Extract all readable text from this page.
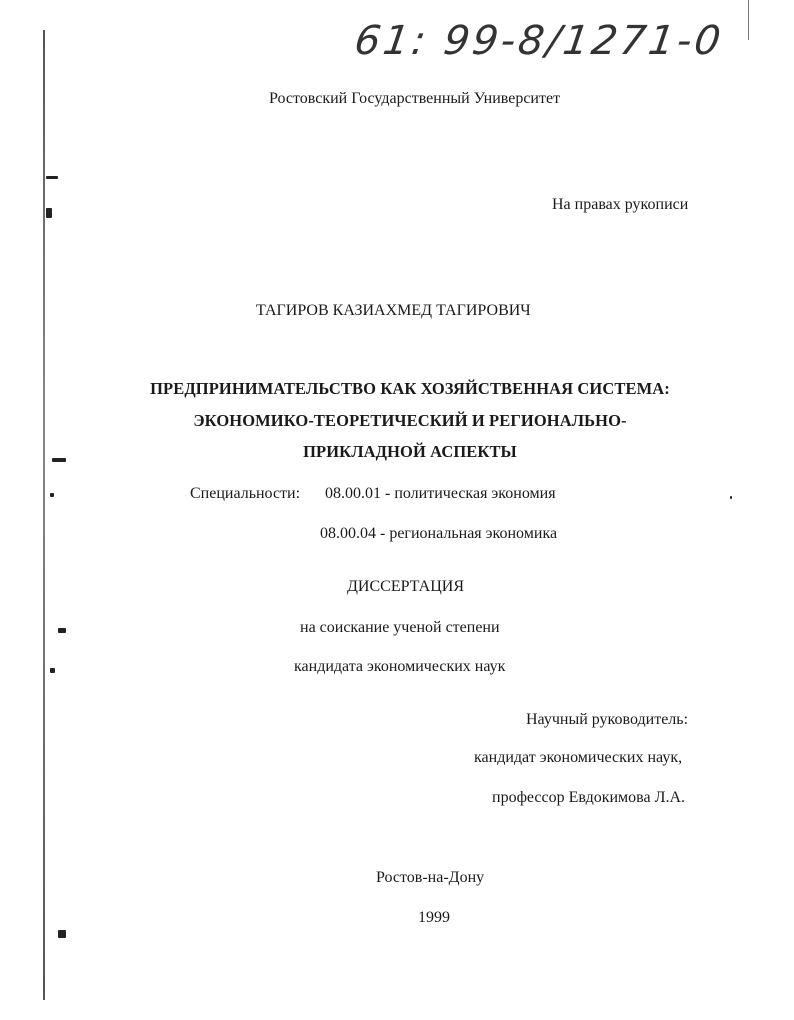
61: 99-8/1271-0
Ростовский Государственный Университет
На правах рукописи
ТАГИРОВ КАЗИАХМЕД ТАГИРОВИЧ
ПРЕДПРИНИМАТЕЛЬСТВО КАК ХОЗЯЙСТВЕННАЯ СИСТЕМА:
ЭКОНОМИКО-ТЕОРЕТИЧЕСКИЙ И РЕГИОНАЛЬНО-
ПРИКЛАДНОЙ АСПЕКТЫ
Специальности: 08.00.01 - политическая экономия
08.00.04 - региональная экономика
ДИССЕРТАЦИЯ
на соискание ученой степени
кандидата экономических наук
Научный руководитель:
кандидат экономических наук,
профессор Евдокимова Л.А.
Ростов-на-Дону
1999
